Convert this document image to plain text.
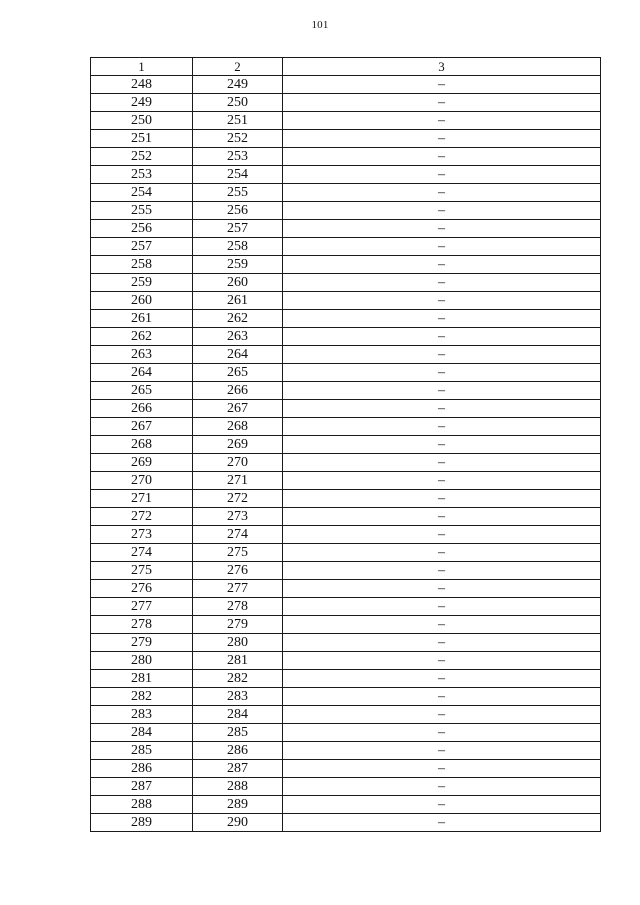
101
1	2	3
248	249	–
249	250	–
250	251	–
251	252	–
252	253	–
253	254	–
254	255	–
255	256	–
256	257	–
257	258	–
258	259	–
259	260	–
260	261	–
261	262	–
262	263	–
263	264	–
264	265	–
265	266	–
266	267	–
267	268	–
268	269	–
269	270	–
270	271	–
271	272	–
272	273	–
273	274	–
274	275	–
275	276	–
276	277	–
277	278	–
278	279	–
279	280	–
280	281	–
281	282	–
282	283	–
283	284	–
284	285	–
285	286	–
286	287	–
287	288	–
288	289	–
289	290	–
